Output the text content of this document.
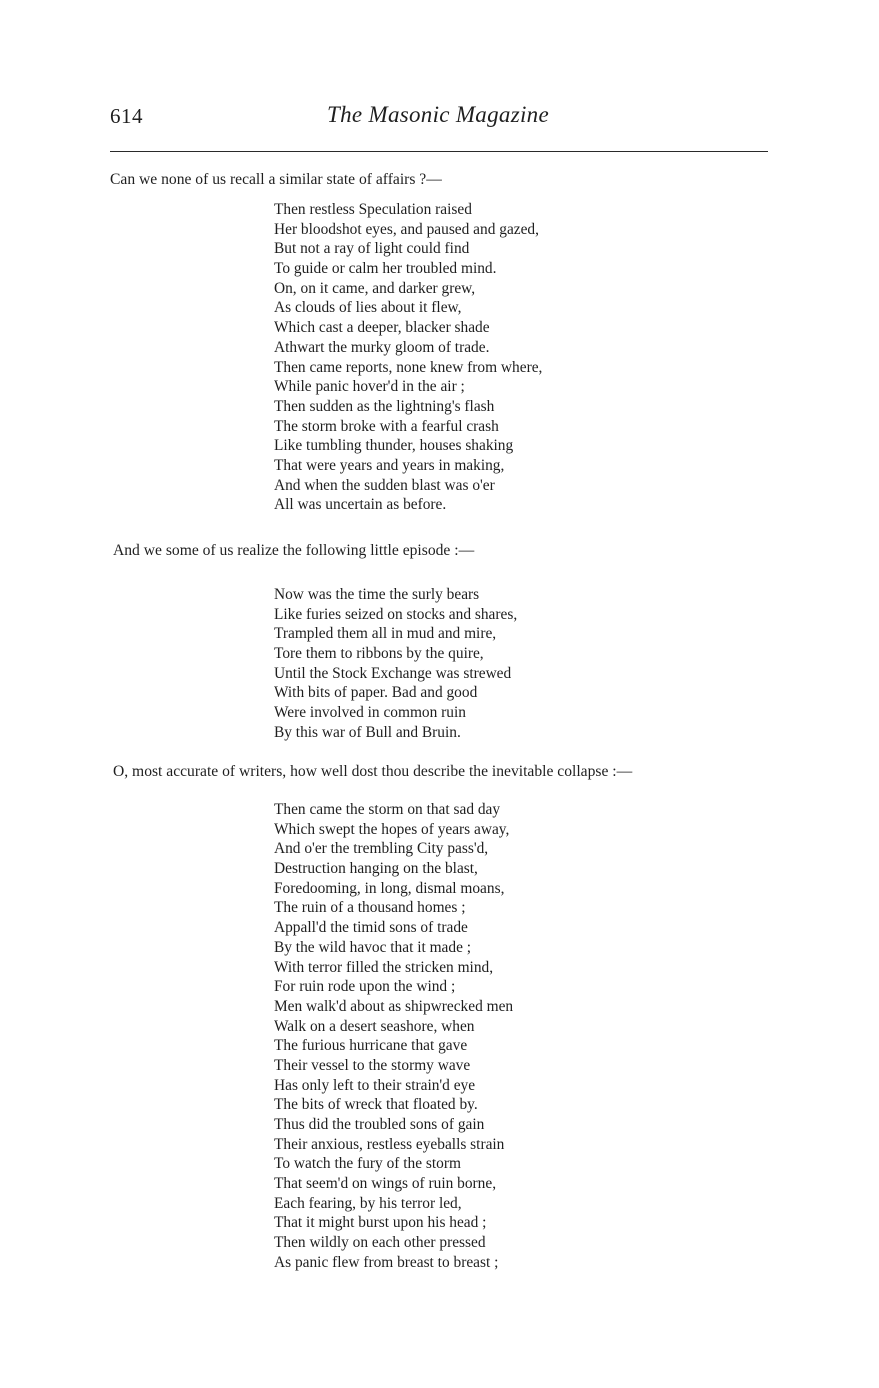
614	The Masonic Magazine
Can we none of us recall a similar state of affairs ?—
Then restless Speculation raised
Her bloodshot eyes, and paused and gazed,
But not a ray of light could find
To guide or calm her troubled mind.
On, on it came, and darker grew,
As clouds of lies about it flew,
Which cast a deeper, blacker shade
Athwart the murky gloom of trade.
Then came reports, none knew from where,
While panic hover'd in the air ;
Then sudden as the lightning's flash
The storm broke with a fearful crash
Like tumbling thunder, houses shaking
That were years and years in making,
And when the sudden blast was o'er
All was uncertain as before.
And we some of us realize the following little episode :—
Now was the time the surly bears
Like furies seized on stocks and shares,
Trampled them all in mud and mire,
Tore them to ribbons by the quire,
Until the Stock Exchange was strewed
With bits of paper. Bad and good
Were involved in common ruin
By this war of Bull and Bruin.
O, most accurate of writers, how well dost thou describe the inevitable collapse :—
Then came the storm on that sad day
Which swept the hopes of years away,
And o'er the trembling City pass'd,
Destruction hanging on the blast,
Foredooming, in long, dismal moans,
The ruin of a thousand homes ;
Appall'd the timid sons of trade
By the wild havoc that it made ;
With terror filled the stricken mind,
For ruin rode upon the wind ;
Men walk'd about as shipwrecked men
Walk on a desert seashore, when
The furious hurricane that gave
Their vessel to the stormy wave
Has only left to their strain'd eye
The bits of wreck that floated by.
Thus did the troubled sons of gain
Their anxious, restless eyeballs strain
To watch the fury of the storm
That seem'd on wings of ruin borne,
Each fearing, by his terror led,
That it might burst upon his head ;
Then wildly on each other pressed
As panic flew from breast to breast ;
